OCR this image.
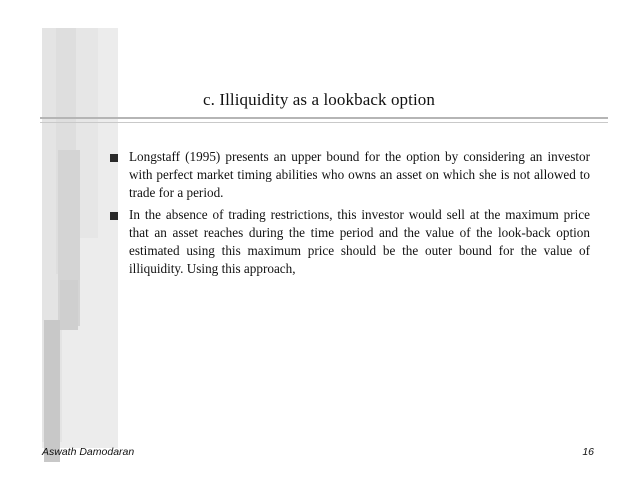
c. Illiquidity as a lookback option
Longstaff (1995) presents an upper bound for the option by considering an investor with perfect market timing abilities who owns an asset on which she is not allowed to trade for a period.
In the absence of trading restrictions, this investor would sell at the maximum price that an asset reaches during the time period and the value of the look-back option estimated using this maximum price should be the outer bound for the value of illiquidity. Using this approach,
Aswath Damodaran	16
